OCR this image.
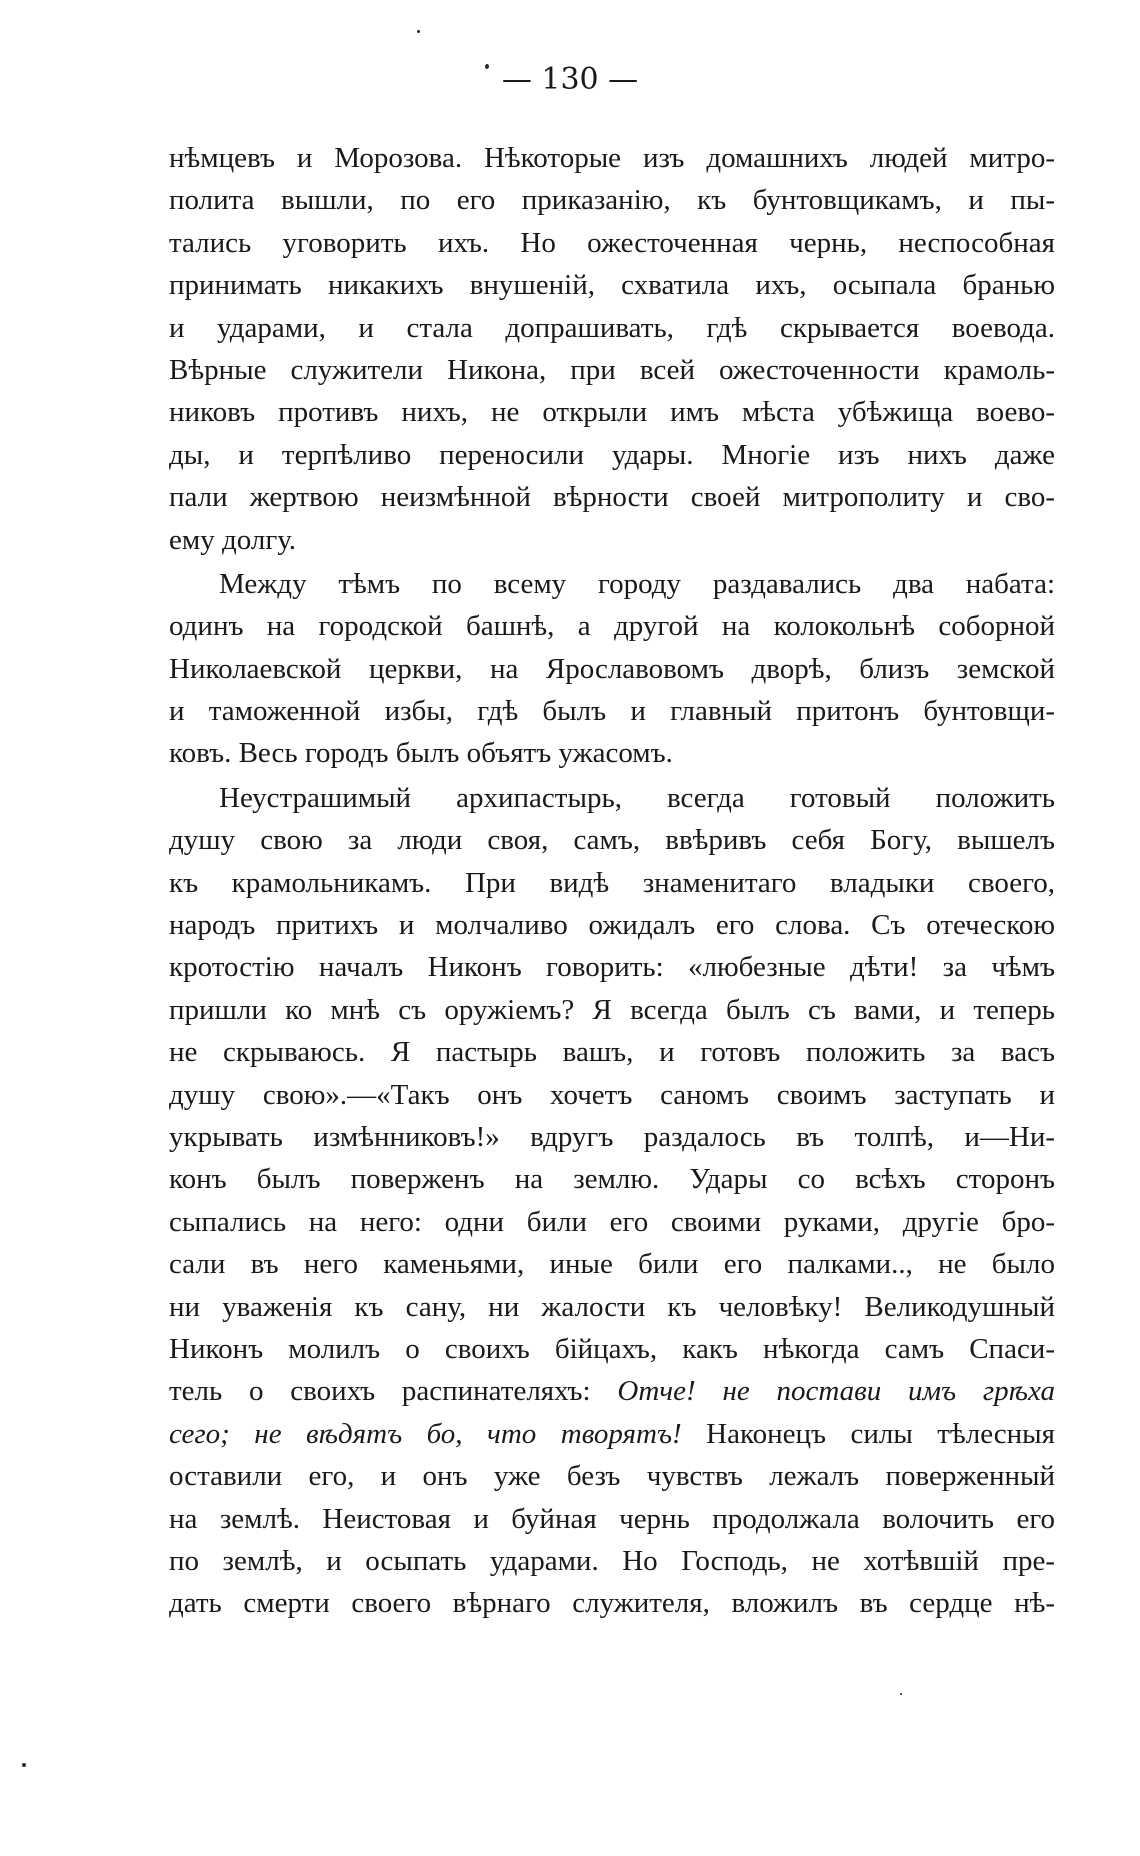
— 130 —
нѣмцевъ и Морозова. Нѣкоторые изъ домашнихъ людей митро-
полита вышли, по его приказанію, къ бунтовщикамъ, и пы-
тались уговорить ихъ. Но ожесточенная чернь, неспособная
принимать никакихъ внушеній, схватила ихъ, осыпала бранью
и ударами, и стала допрашивать, гдѣ скрывается воевода.
Вѣрные служители Никона, при всей ожесточенности крамоль-
никовъ противъ нихъ, не открыли имъ мѣста убѣжища воево-
ды, и терпѣливо переносили удары. Многіе изъ нихъ даже
пали жертвою неизмѣнной вѣрности своей митрополиту и сво-
ему долгу.
Между тѣмъ по всему городу раздавались два набата:
одинъ на городской башнѣ, а другой на колокольнѣ соборной
Николаевской церкви, на Ярославовомъ дворѣ, близъ земской
и таможенной избы, гдѣ былъ и главный притонъ бунтовщи-
ковъ. Весь городъ былъ объятъ ужасомъ.
Неустрашимый архипастырь, всегда готовый положить
душу свою за люди своя, самъ, ввѣривъ себя Богу, вышелъ
къ крамольникамъ. При видѣ знаменитаго владыки своего,
народъ притихъ и молчаливо ожидалъ его слова. Съ отеческою
кротостію началъ Никонъ говорить: «любезные дѣти! за чѣмъ
пришли ко мнѣ съ оружіемъ? Я всегда былъ съ вами, и теперь
не скрываюсь. Я пастырь вашъ, и готовъ положить за васъ
душу свою».—«Такъ онъ хочетъ саномъ своимъ заступать и
укрывать измѣнниковъ!» вдругъ раздалось въ толпѣ, и—Ни-
конъ былъ поверженъ на землю. Удары со всѣхъ сторонъ
сыпались на него: одни били его своими руками, другіе бро-
сали въ него каменьями, иные били его палками.., не было
ни уваженія къ сану, ни жалости къ человѣку! Великодушный
Никонъ молилъ о своихъ бійцахъ, какъ нѣкогда самъ Спаси-
тель о своихъ распинателяхъ: Отче! не постави имъ грѣха
сего; не вѣдятъ бо, что творятъ! Наконецъ силы тѣлесныя
оставили его, и онъ уже безъ чувствъ лежалъ поверженный
на землѣ. Неистовая и буйная чернь продолжала волочить его
по землѣ, и осыпать ударами. Но Господь, не хотѣвшій пре-
дать смерти своего вѣрнаго служителя, вложилъ въ сердце нѣ-
